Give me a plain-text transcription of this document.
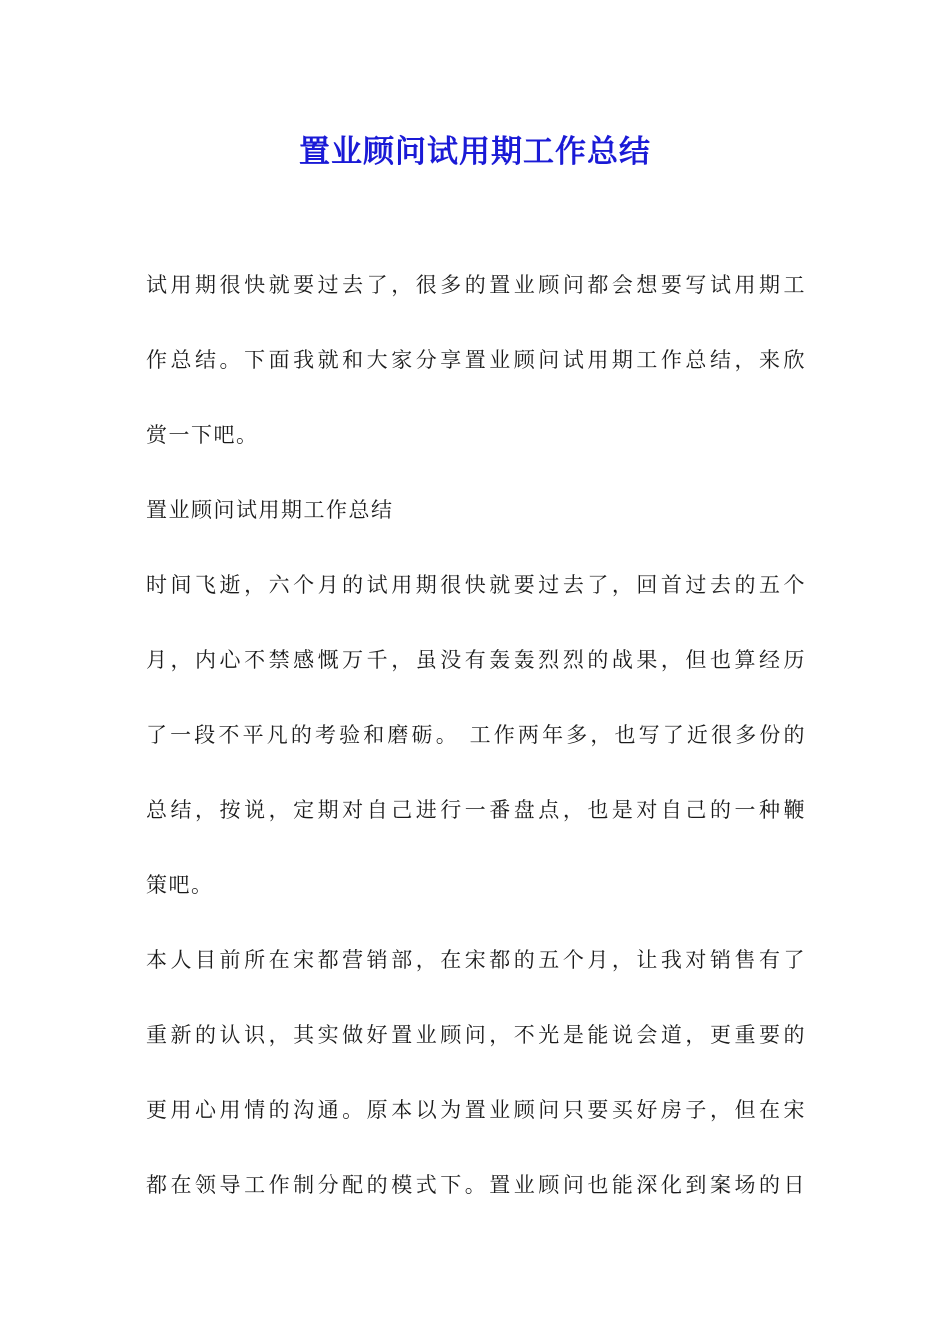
置业顾问试用期工作总结
试用期很快就要过去了，很多的置业顾问都会想要写试用期工
作总结。下面我就和大家分享置业顾问试用期工作总结，来欣
赏一下吧。
置业顾问试用期工作总结
时间飞逝，六个月的试用期很快就要过去了，回首过去的五个
月，内心不禁感慨万千，虽没有轰轰烈烈的战果，但也算经历
了一段不平凡的考验和磨砺。 工作两年多，也写了近很多份的
总结，按说，定期对自己进行一番盘点，也是对自己的一种鞭
策吧。
本人目前所在宋都营销部，在宋都的五个月，让我对销售有了
重新的认识，其实做好置业顾问，不光是能说会道，更重要的
更用心用情的沟通。原本以为置业顾问只要买好房子，但在宋
都在领导工作制分配的模式下。置业顾问也能深化到案场的日
